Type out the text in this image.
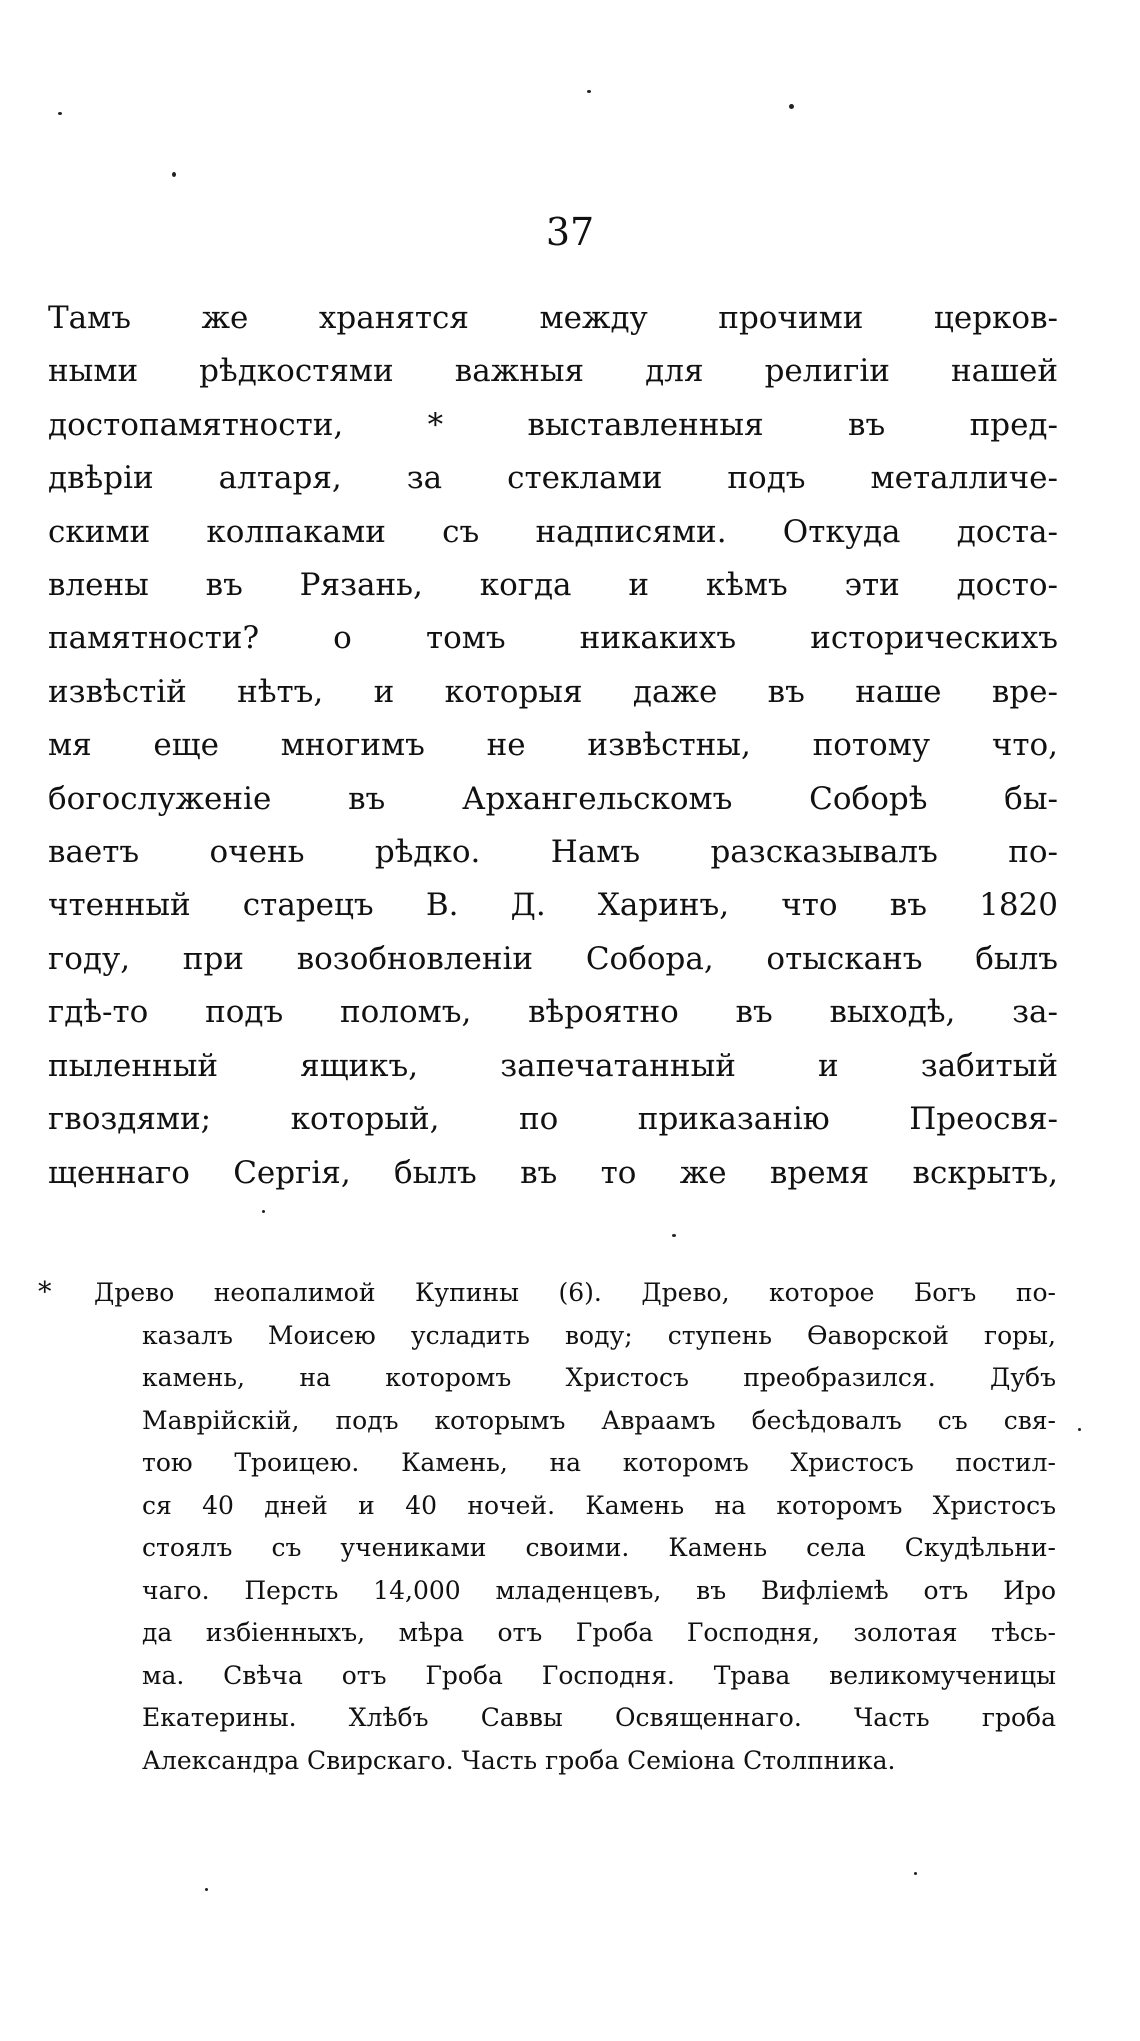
37
Тамъ же хранятся между прочими церков-
ными рѣдкостями важныя для религіи нашей
достопамятности, * выставленныя въ пред-
двѣріи алтаря, за стеклами подъ металличе-
скими колпаками съ надписями. Откуда доста-
влены въ Рязань, когда и кѣмъ эти досто-
памятности? о томъ никакихъ историческихъ
извѣстій нѣтъ, и которыя даже въ наше вре-
мя еще многимъ не извѣстны, потому что,
богослуженіе въ Архангельскомъ Соборѣ бы-
ваетъ очень рѣдко. Намъ разсказывалъ по-
чтенный старецъ В. Д. Харинъ, что въ 1820
году, при возобновленіи Собора, отысканъ былъ
гдѣ-то подъ поломъ, вѣроятно въ выходѣ, за-
пыленный ящикъ, запечатанный и забитый
гвоздями; который, по приказанію Преосвя-
щеннаго Сергія, былъ въ то же время вскрытъ,
*	Древо неопалимой Купины (6). Древо, которое Богъ по-
казалъ Моисею усладить воду; ступень Ѳаворской горы,
камень, на которомъ Христосъ преобразился. Дубъ
Маврійскій, подъ которымъ Авраамъ бесѣдовалъ съ свя-
тою Троицею. Камень, на которомъ Христосъ постил-
ся 40 дней и 40 ночей. Камень на которомъ Христосъ
стоялъ съ учениками своими. Камень села Скудѣльни-
чаго. Персть 14,000 младенцевъ, въ Вифліемѣ отъ Иро
да избіенныхъ, мѣра отъ Гроба Господня, золотая тѣсь-
ма. Свѣча отъ Гроба Господня. Трава великомученицы
Екатерины. Хлѣбъ Саввы Освященнаго. Часть гроба
Александра Свирскаго. Часть гроба Семіона Столпника.
